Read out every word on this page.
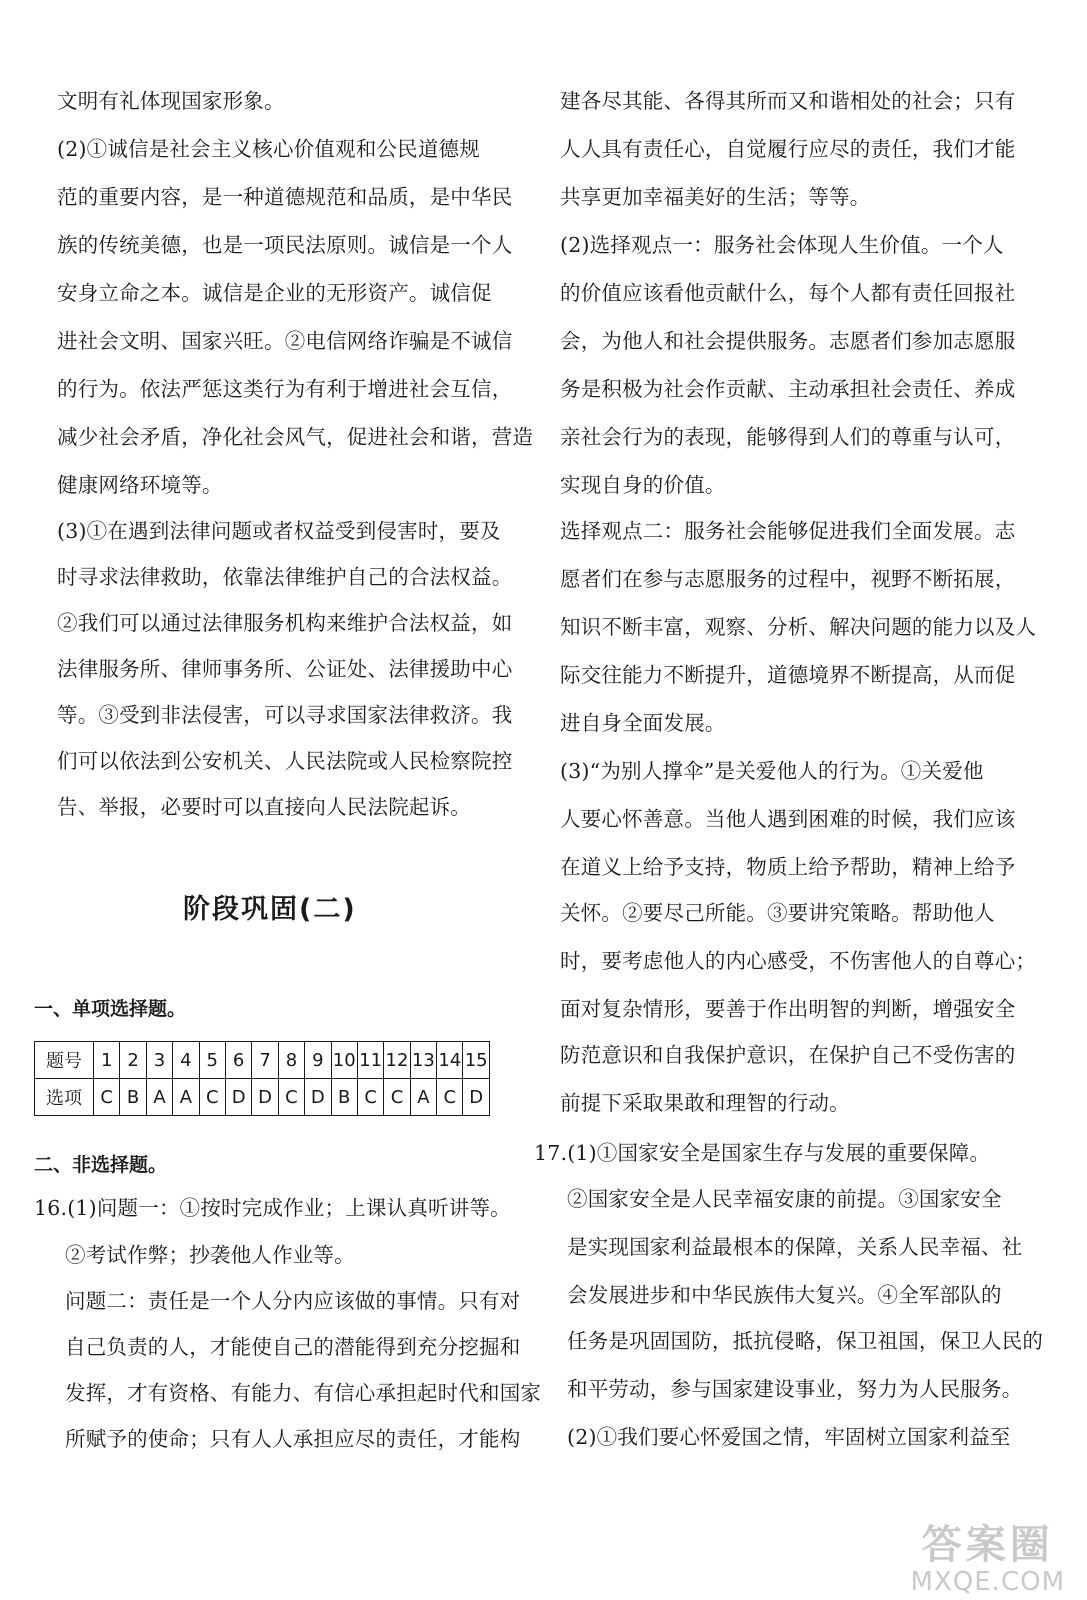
文明有礼体现国家形象。
(2)①诚信是社会主义核心价值观和公民道德规
范的重要内容，是一种道德规范和品质，是中华民
族的传统美德，也是一项民法原则。诚信是一个人
安身立命之本。诚信是企业的无形资产。诚信促
进社会文明、国家兴旺。②电信网络诈骗是不诚信
的行为。依法严惩这类行为有利于增进社会互信，
减少社会矛盾，净化社会风气，促进社会和谐，营造
健康网络环境等。
(3)①在遇到法律问题或者权益受到侵害时，要及
时寻求法律救助，依靠法律维护自己的合法权益。
②我们可以通过法律服务机构来维护合法权益，如
法律服务所、律师事务所、公证处、法律援助中心
等。③受到非法侵害，可以寻求国家法律救济。我
们可以依法到公安机关、人民法院或人民检察院控
告、举报，必要时可以直接向人民法院起诉。
阶段巩固(二)
一、单项选择题。
题号	1	2	3	4	5	6	7	8	9	10	11	12	13	14	15
选项	C	B	A	A	C	D	D	C	D	B	C	C	A	C	D
二、非选择题。
16.(1)问题一：①按时完成作业；上课认真听讲等。
②考试作弊；抄袭他人作业等。
问题二：责任是一个人分内应该做的事情。只有对
自己负责的人，才能使自己的潜能得到充分挖掘和
发挥，才有资格、有能力、有信心承担起时代和国家
所赋予的使命；只有人人承担应尽的责任，才能构
建各尽其能、各得其所而又和谐相处的社会；只有
人人具有责任心，自觉履行应尽的责任，我们才能
共享更加幸福美好的生活；等等。
(2)选择观点一：服务社会体现人生价值。一个人
的价值应该看他贡献什么，每个人都有责任回报社
会，为他人和社会提供服务。志愿者们参加志愿服
务是积极为社会作贡献、主动承担社会责任、养成
亲社会行为的表现，能够得到人们的尊重与认可，
实现自身的价值。
选择观点二：服务社会能够促进我们全面发展。志
愿者们在参与志愿服务的过程中，视野不断拓展，
知识不断丰富，观察、分析、解决问题的能力以及人
际交往能力不断提升，道德境界不断提高，从而促
进自身全面发展。
(3)“为别人撑伞”是关爱他人的行为。①关爱他
人要心怀善意。当他人遇到困难的时候，我们应该
在道义上给予支持，物质上给予帮助，精神上给予
关怀。②要尽己所能。③要讲究策略。帮助他人
时，要考虑他人的内心感受，不伤害他人的自尊心；
面对复杂情形，要善于作出明智的判断，增强安全
防范意识和自我保护意识，在保护自己不受伤害的
前提下采取果敢和理智的行动。
17.(1)①国家安全是国家生存与发展的重要保障。
②国家安全是人民幸福安康的前提。③国家安全
是实现国家利益最根本的保障，关系人民幸福、社
会发展进步和中华民族伟大复兴。④全军部队的
任务是巩固国防，抵抗侵略，保卫祖国，保卫人民的
和平劳动，参与国家建设事业，努力为人民服务。
(2)①我们要心怀爱国之情，牢固树立国家利益至
答案圈
MXQE.COM
